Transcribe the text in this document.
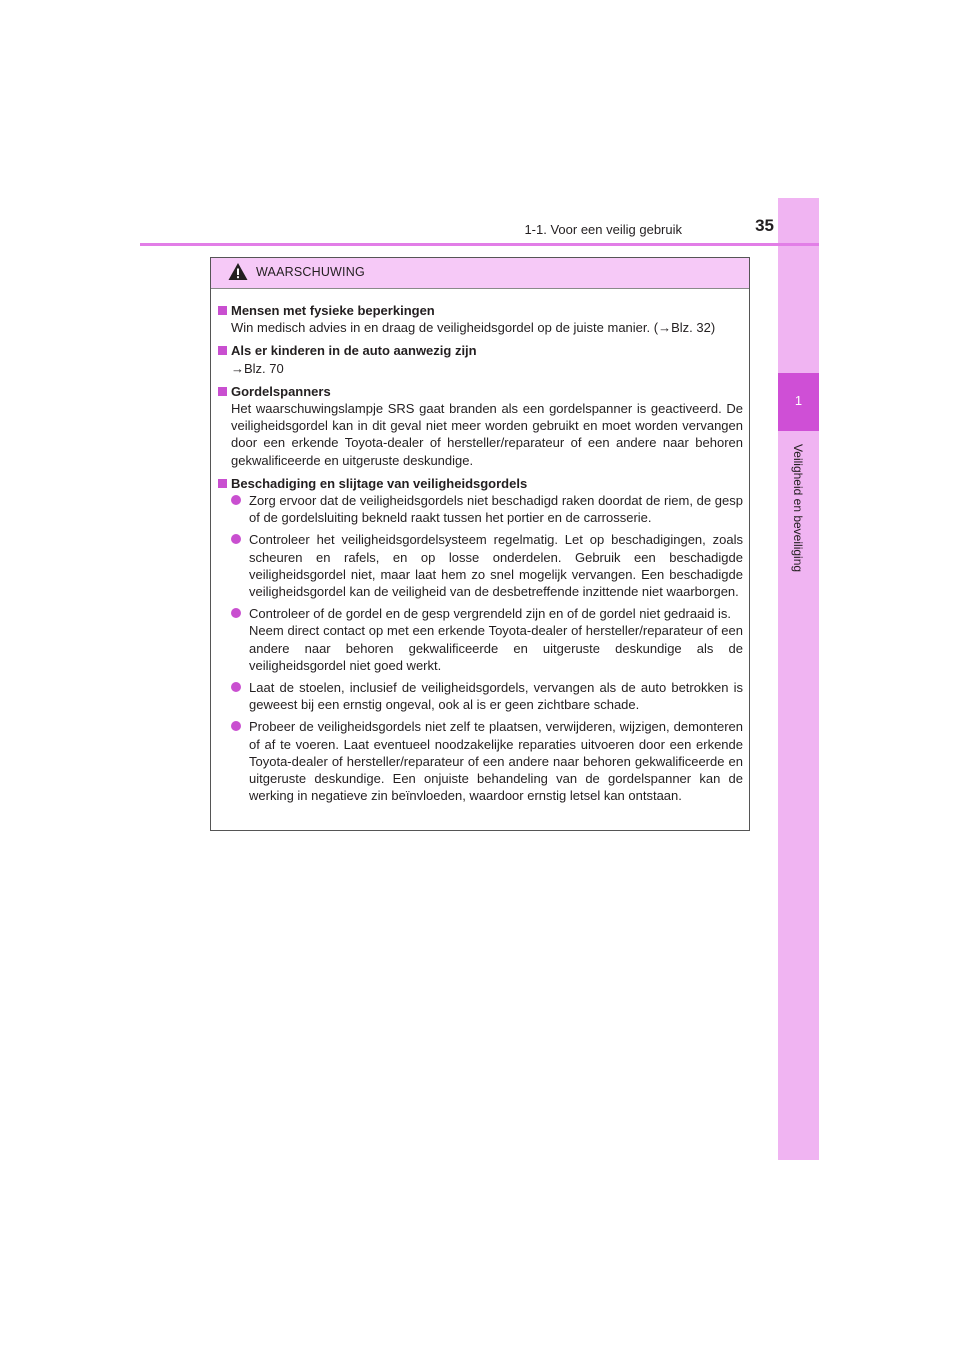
1
Veiligheid en beveiliging
1-1. Voor een veilig gebruik	35
WAARSCHUWING
Mensen met fysieke beperkingen
Win medisch advies in en draag de veiligheidsgordel op de juiste manier. (→Blz. 32)
Als er kinderen in de auto aanwezig zijn
→Blz. 70
Gordelspanners
Het waarschuwingslampje SRS gaat branden als een gordelspanner is geactiveerd. De veiligheidsgordel kan in dit geval niet meer worden gebruikt en moet worden vervangen door een erkende Toyota-dealer of hersteller/reparateur of een andere naar behoren gekwalificeerde en uitgeruste deskundige.
Beschadiging en slijtage van veiligheidsgordels
Zorg ervoor dat de veiligheidsgordels niet beschadigd raken doordat de riem, de gesp of de gordelsluiting bekneld raakt tussen het portier en de carrosserie.
Controleer het veiligheidsgordelsysteem regelmatig. Let op beschadigingen, zoals scheuren en rafels, en op losse onderdelen. Gebruik een beschadigde veiligheidsgordel niet, maar laat hem zo snel mogelijk vervangen. Een beschadigde veiligheidsgordel kan de veiligheid van de desbetreffende inzittende niet waarborgen.
Controleer of de gordel en de gesp vergrendeld zijn en of de gordel niet gedraaid is.
Neem direct contact op met een erkende Toyota-dealer of hersteller/reparateur of een andere naar behoren gekwalificeerde en uitgeruste deskundige als de veiligheidsgordel niet goed werkt.
Laat de stoelen, inclusief de veiligheidsgordels, vervangen als de auto betrokken is geweest bij een ernstig ongeval, ook al is er geen zichtbare schade.
Probeer de veiligheidsgordels niet zelf te plaatsen, verwijderen, wijzigen, demonteren of af te voeren. Laat eventueel noodzakelijke reparaties uitvoeren door een erkende Toyota-dealer of hersteller/reparateur of een andere naar behoren gekwalificeerde en uitgeruste deskundige. Een onjuiste behandeling van de gordelspanner kan de werking in negatieve zin beïnvloeden, waardoor ernstig letsel kan ontstaan.
